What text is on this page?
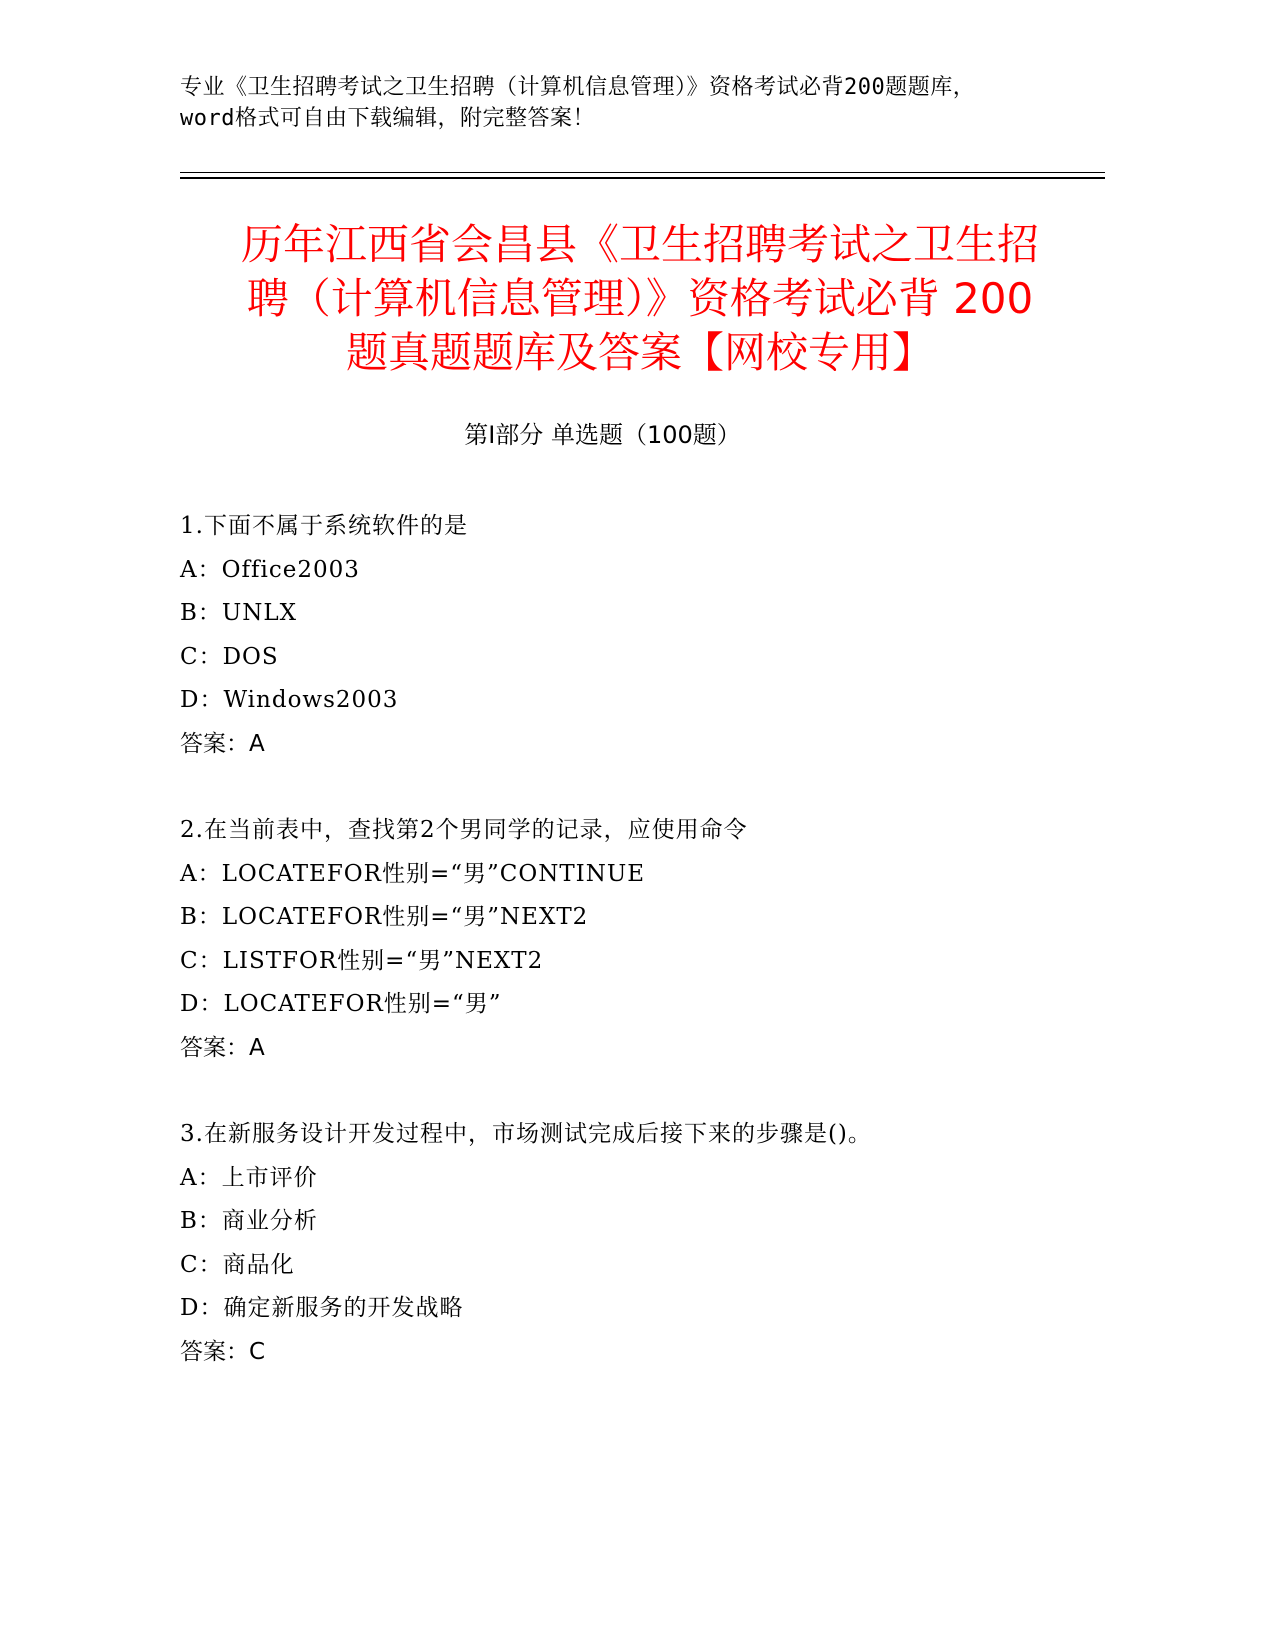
专业《卫生招聘考试之卫生招聘（计算机信息管理）》资格考试必背200题题库，
word格式可自由下载编辑，附完整答案！
历年江西省会昌县《卫生招聘考试之卫生招
聘（计算机信息管理）》资格考试必背 200
题真题题库及答案【网校专用】
第Ⅰ部分 单选题（100题）
1.下面不属于系统软件的是
A：Office2003
B：UNLX
C：DOS
D：Windows2003
答案：A
2.在当前表中，查找第2个男同学的记录，应使用命令
A：LOCATEFOR性别=“男”CONTINUE
B：LOCATEFOR性别=“男”NEXT2
C：LISTFOR性别=“男”NEXT2
D：LOCATEFOR性别=“男”
答案：A
3.在新服务设计开发过程中，市场测试完成后接下来的步骤是()。
A：上市评价
B：商业分析
C：商品化
D：确定新服务的开发战略
答案：C
